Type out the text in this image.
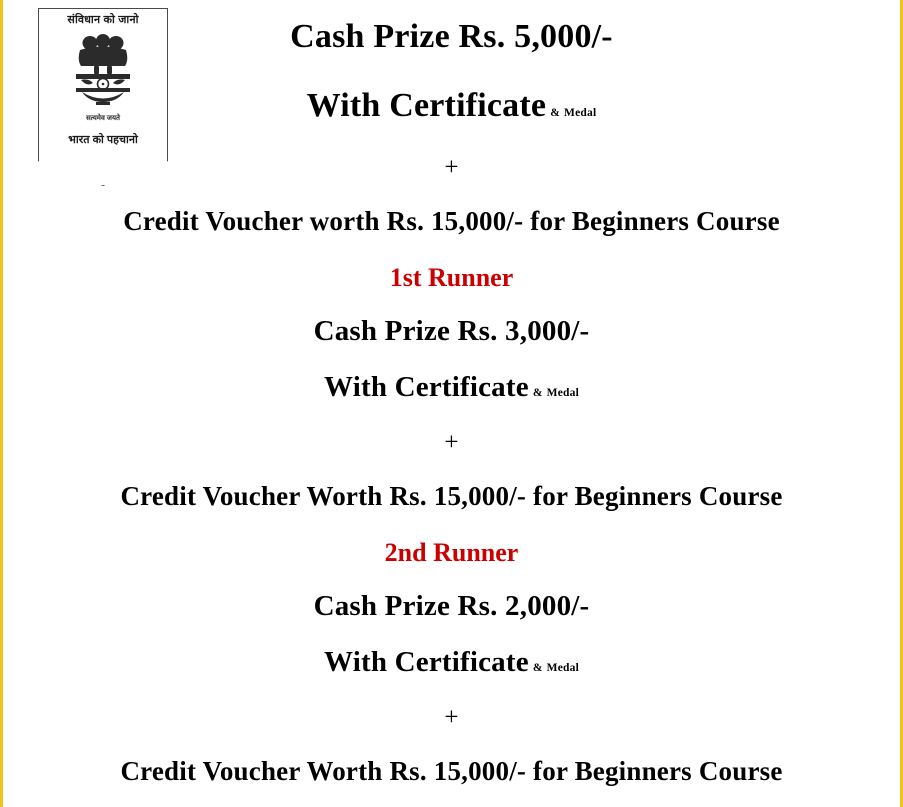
संविधान को जानो
सत्यमेव जयते
भारत को पहचानो
Cash Prize Rs. 5,000/-
With Certificate & Medal
+
Credit Voucher worth Rs. 15,000/- for Beginners Course
1st Runner
Cash Prize Rs. 3,000/-
With Certificate & Medal
+
Credit Voucher Worth Rs. 15,000/- for Beginners Course
2nd Runner
Cash Prize Rs. 2,000/-
With Certificate & Medal
+
Credit Voucher Worth Rs. 15,000/- for Beginners Course
